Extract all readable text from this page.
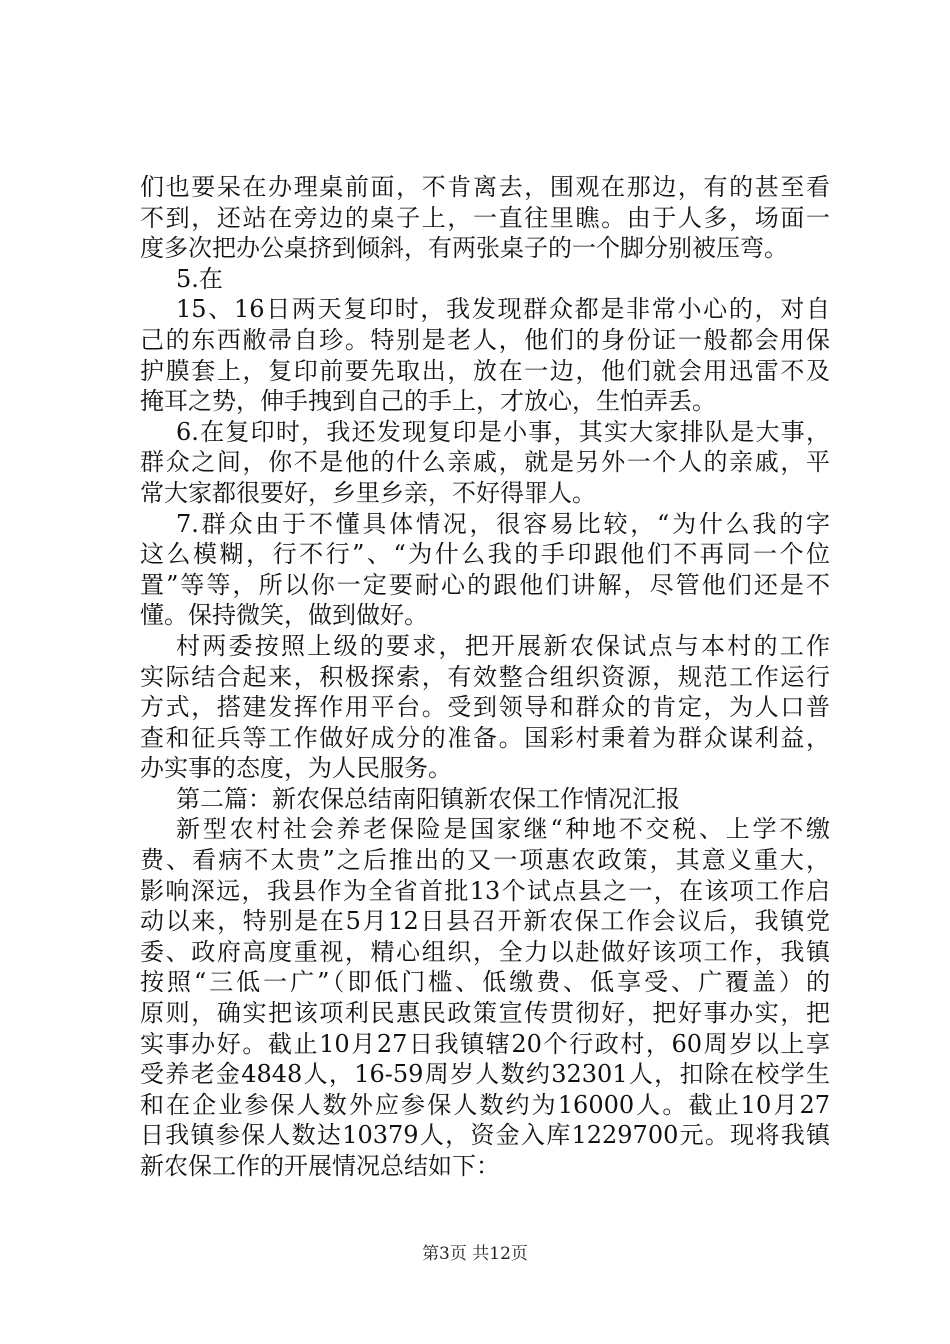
们也要呆在办理桌前面，不肯离去，围观在那边，有的甚至看
不到，还站在旁边的桌子上，一直往里瞧。由于人多，场面一
度多次把办公桌挤到倾斜，有两张桌子的一个脚分别被压弯。
5.在
15、16日两天复印时，我发现群众都是非常小心的，对自
己的东西敝帚自珍。特别是老人，他们的身份证一般都会用保
护膜套上，复印前要先取出，放在一边，他们就会用迅雷不及
掩耳之势，伸手拽到自己的手上，才放心，生怕弄丢。
6.在复印时，我还发现复印是小事，其实大家排队是大事，
群众之间，你不是他的什么亲戚，就是另外一个人的亲戚，平
常大家都很要好，乡里乡亲，不好得罪人。
7.群众由于不懂具体情况，很容易比较，“为什么我的字
这么模糊，行不行”、“为什么我的手印跟他们不再同一个位
置”等等，所以你一定要耐心的跟他们讲解，尽管他们还是不
懂。保持微笑，做到做好。
村两委按照上级的要求，把开展新农保试点与本村的工作
实际结合起来，积极探索，有效整合组织资源，规范工作运行
方式，搭建发挥作用平台。受到领导和群众的肯定，为人口普
查和征兵等工作做好成分的准备。国彩村秉着为群众谋利益，
办实事的态度，为人民服务。
第二篇：新农保总结南阳镇新农保工作情况汇报
新型农村社会养老保险是国家继“种地不交税、上学不缴
费、看病不太贵”之后推出的又一项惠农政策，其意义重大，
影响深远，我县作为全省首批13个试点县之一，在该项工作启
动以来，特别是在5月12日县召开新农保工作会议后，我镇党
委、政府高度重视，精心组织，全力以赴做好该项工作，我镇
按照“三低一广”（即低门槛、低缴费、低享受、广覆盖）的
原则，确实把该项利民惠民政策宣传贯彻好，把好事办实，把
实事办好。截止10月27日我镇辖20个行政村，60周岁以上享
受养老金4848人，16-59周岁人数约32301人，扣除在校学生
和在企业参保人数外应参保人数约为16000人。截止10月27
日我镇参保人数达10379人，资金入库1229700元。现将我镇
新农保工作的开展情况总结如下：
第3页 共12页
